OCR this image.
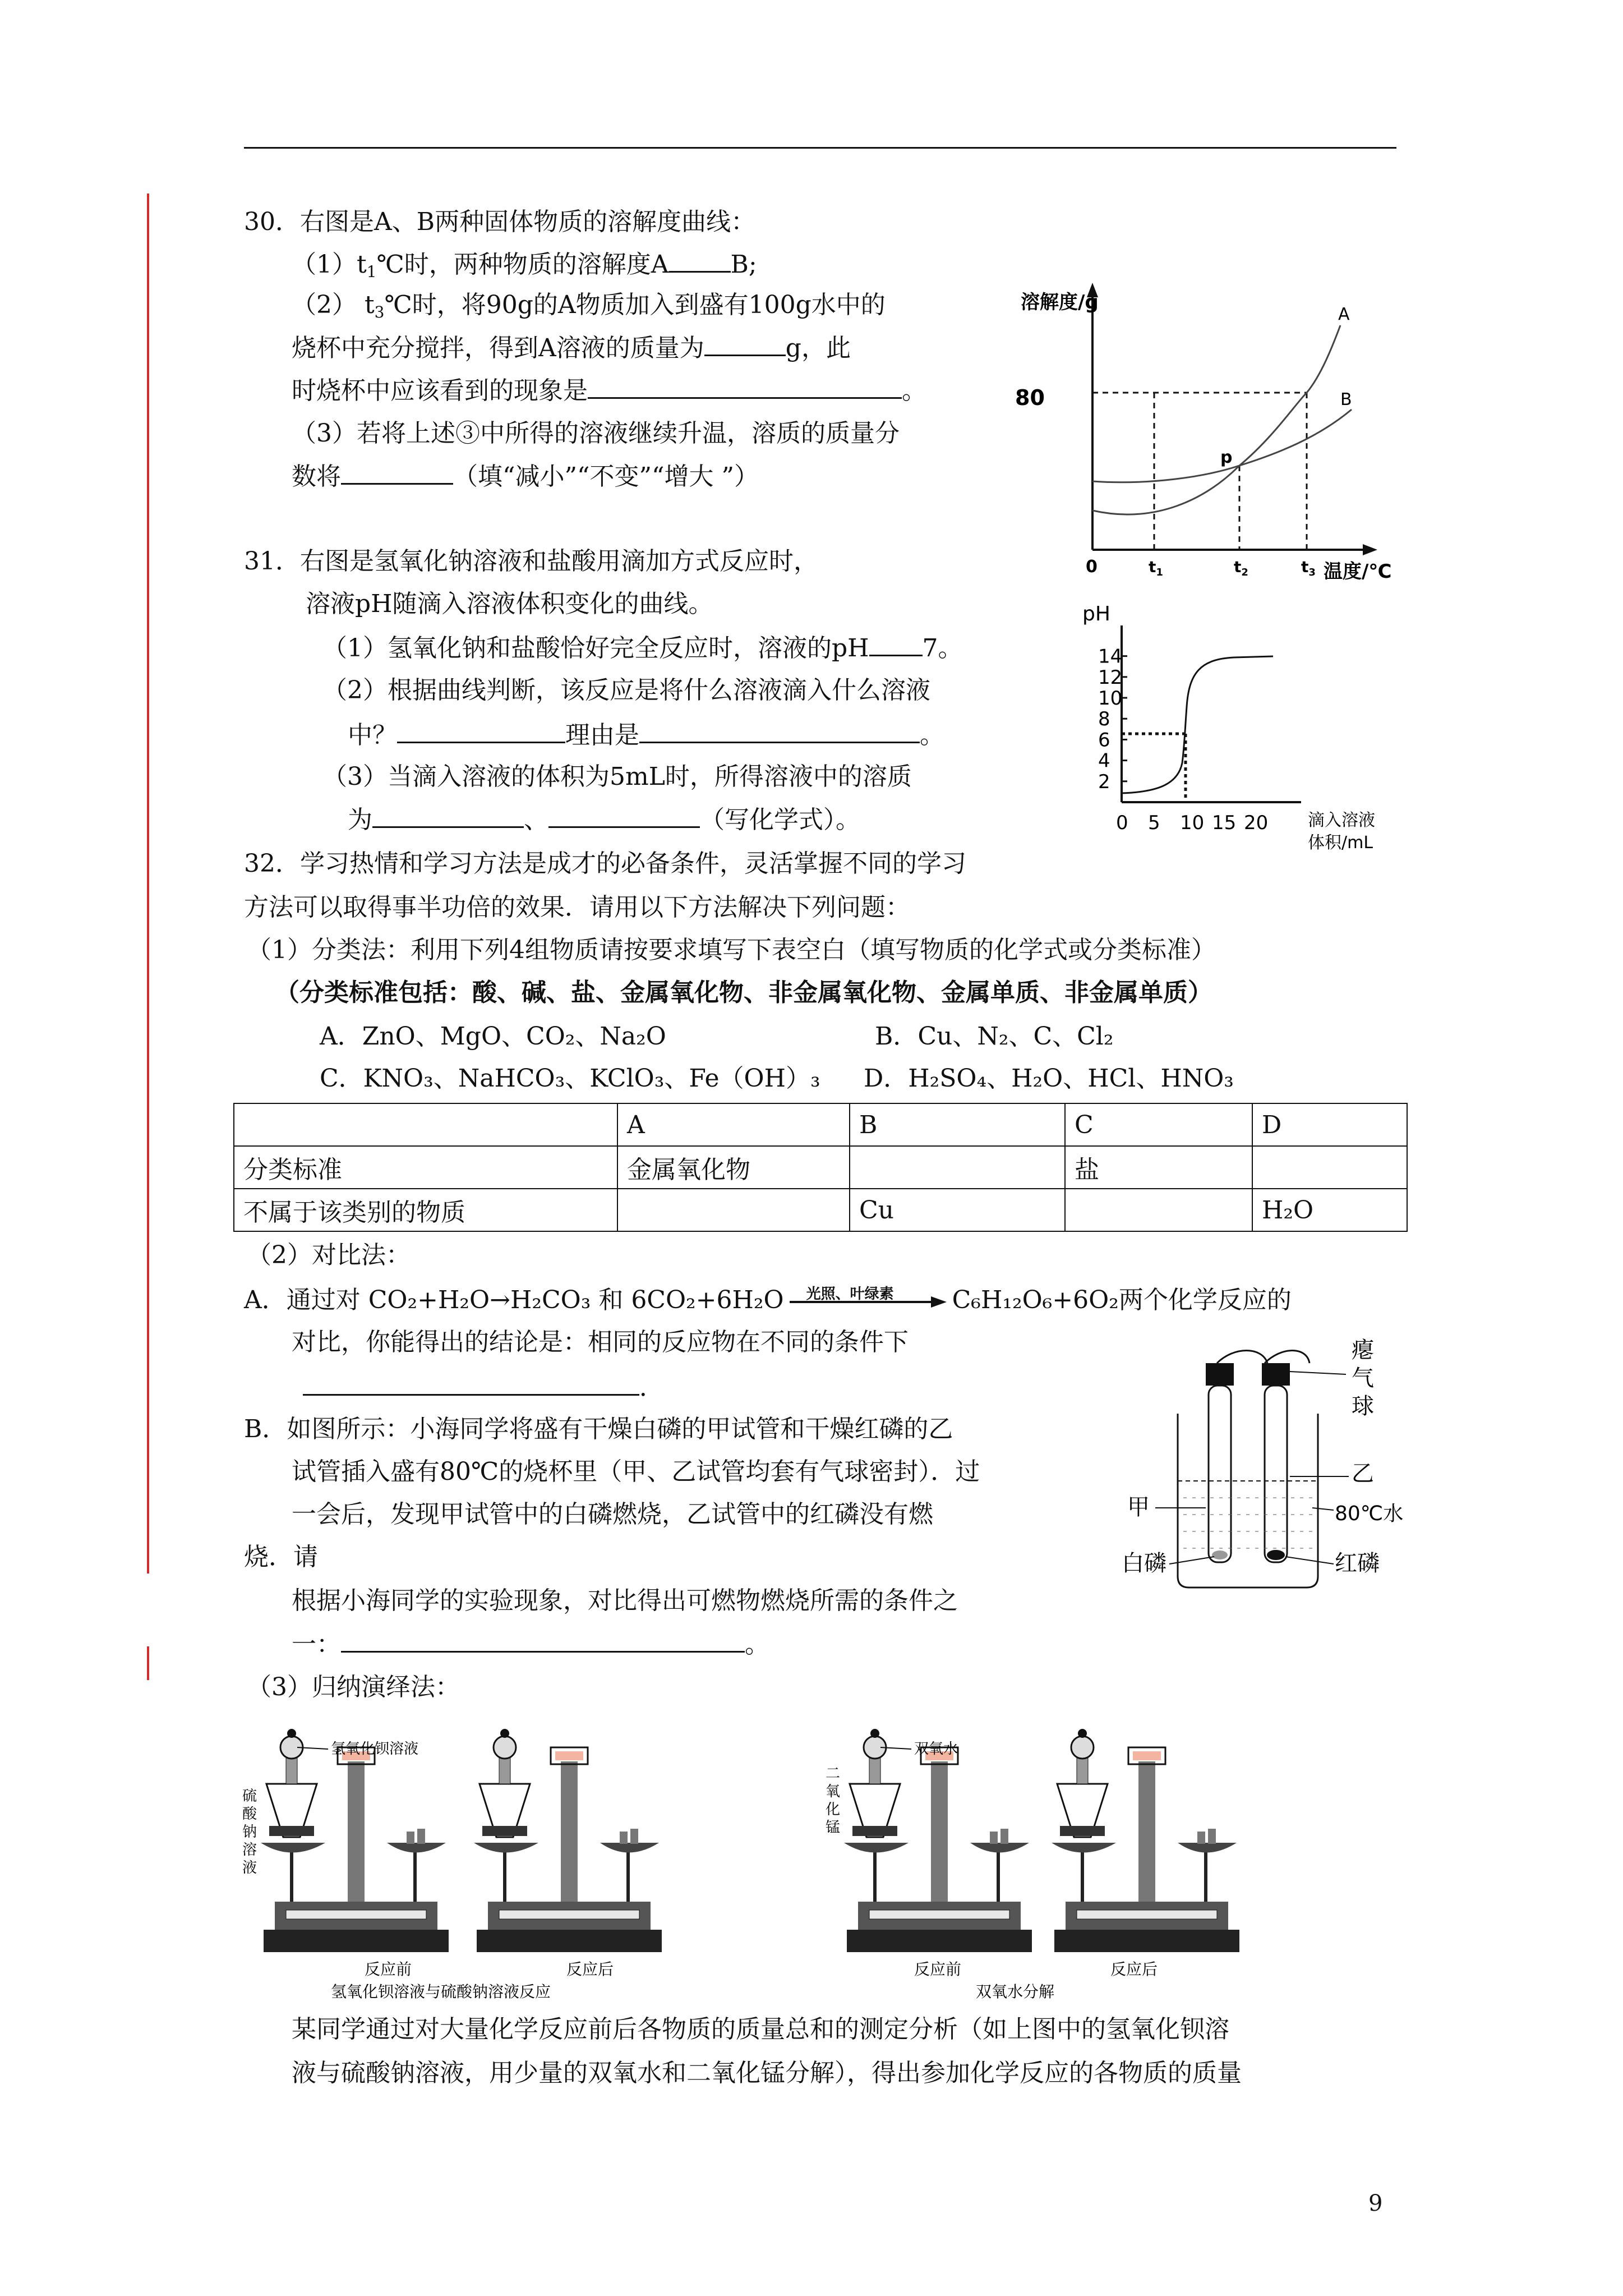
30．右图是A、B两种固体物质的溶解度曲线：
$(1)t_1℃$时，两种物质的溶解度A	B;
（2） $t_3℃$时，将90g的A物质加入到盛有100g水中的
烧杯中充分搅拌，得到A溶液的质量为	g，此
时烧杯中应该看到的现象是	。
（3）若将上述③中所得的溶液继续升温，溶质的质量分
数将	（填“减小”“不变”“增大 ”）
溶解度/g
温度/℃
80
A
B
p
0	$t_1$	$t_2$	$t_3$
31．右图是氢氧化钠溶液和盐酸用滴加方式反应时，
溶液pH随滴入溶液体积变化的曲线。
（1）氢氧化钠和盐酸恰好完全反应时，溶液的pH 7。
（2）根据曲线判断，该反应是将什么溶液滴入什么溶液
中？	理由是	。
（3）当滴入溶液的体积为5mL时，所得溶液中的溶质
为	、	（写化学式）。
pH
14
12
10
8
6
4
2
0 5 10 15 20 滴入溶液
体积/mL
32．学习热情和学习方法是成才的必备条件，灵活掌握不同的学习
方法可以取得事半功倍的效果．请用以下方法解决下列问题：
（1）分类法：利用下列4组物质请按要求填写下表空白（填写物质的化学式或分类标准）
（分类标准包括：酸、碱、盐、金属氧化物、非金属氧化物、金属单质、非金属单质）
A．ZnO、MgO、CO₂、Na₂O	B．Cu、N₂、C、Cl₂
C．KNO₃、NaHCO₃、KClO₃、Fe（OH）₃ D．H₂SO₄、H₂O、HCl、HNO₃
	A	B	C	D
分类标准	金属氧化物		盐	
不属于该类别的物质		Cu		H₂O
（2）对比法：
A．通过对 CO₂+H₂O→H₂CO₃ 和 6CO₂+6H₂O 光照、叶绿素 C₆H₁₂O₆+6O₂两个化学反应的
对比，你能得出的结论是：相同的反应物在不同的条件下
．
B．如图所示：小海同学将盛有干燥白磷的甲试管和干燥红磷的乙
试管插入盛有80℃的烧杯里（甲、乙试管均套有气球密封）．过
一会后，发现甲试管中的白磷燃烧，乙试管中的红磷没有燃
烧．请
根据小海同学的实验现象，对比得出可燃物燃烧所需的条件之
一：	。
瘪
气
球
甲
乙
80℃水
白磷	红磷
（3）归纳演绎法：
氢氧化钡溶液
硫
酸
钠
溶
液
反应前	反应后
氢氧化钡溶液与硫酸钠溶液反应
双氧水
二
氧
化
锰
反应前	反应后
双氧水分解
某同学通过对大量化学反应前后各物质的质量总和的测定分析（如上图中的氢氧化钡溶
液与硫酸钠溶液，用少量的双氧水和二氧化锰分解），得出参加化学反应的各物质的质量
9
